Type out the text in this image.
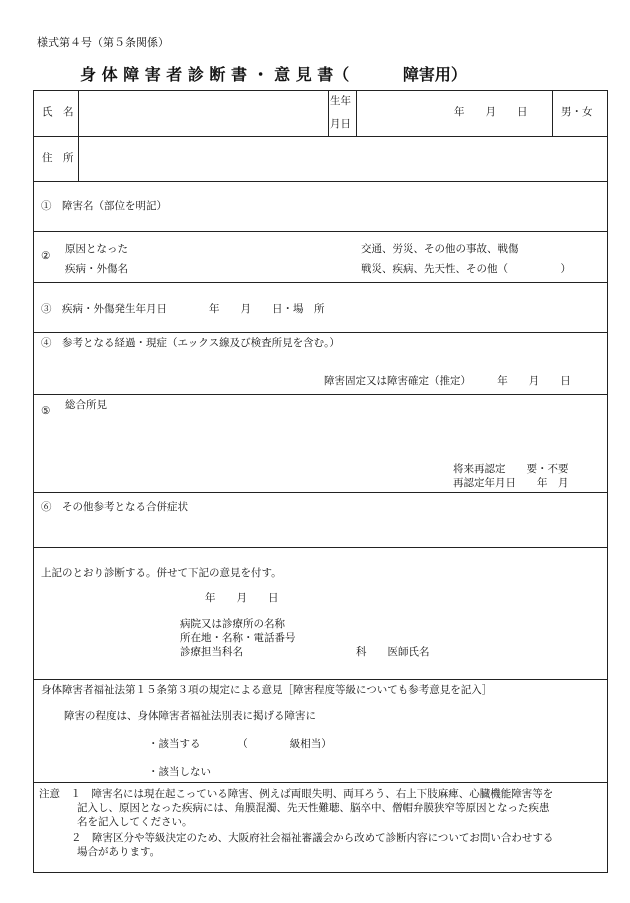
様式第４号（第５条関係）
身 体 障 害 者 診 断 書 ・ 意 見 書（　　　 障害用）
氏　名
生年
月日
年　　月　　日	男・女
住　所
①　障害名（部位を明記）
②
原因となった
疾病・外傷名
交通、労災、その他の事故、戦傷
戦災、疾病、先天性、その他（　　　　　）
③　疾病・外傷発生年月日　　　　年　　月　　日・場　所
④　参考となる経過・現症（エックス線及び検査所見を含む。）
障害固定又は障害確定（推定）　　　年　　月　　日
⑤ 総合所見
将来再認定　　要・不要
再認定年月日　　年　月
⑥　その他参考となる合併症状
上記のとおり診断する。併せて下記の意見を付す。
年　　月　　日
病院又は診療所の名称
所在地・名称・電話番号
診療担当科名	科　　医師氏名
身体障害者福祉法第１５条第３項の規定による意見［障害程度等級についても参考意見を記入］
障害の程度は、身体障害者福祉法別表に掲げる障害に
・該当する　　　　（　　　　級相当）
・該当しない
注意　１　障害名には現在起こっている障害、例えば両眼失明、両耳ろう、右上下肢麻痺、心臓機能障害等を
記入し、原因となった疾病には、角膜混濁、先天性難聴、脳卒中、僧帽弁膜狭窄等原因となった疾患
名を記入してください。
２　障害区分や等級決定のため、大阪府社会福祉審議会から改めて診断内容についてお問い合わせする
場合があります。
